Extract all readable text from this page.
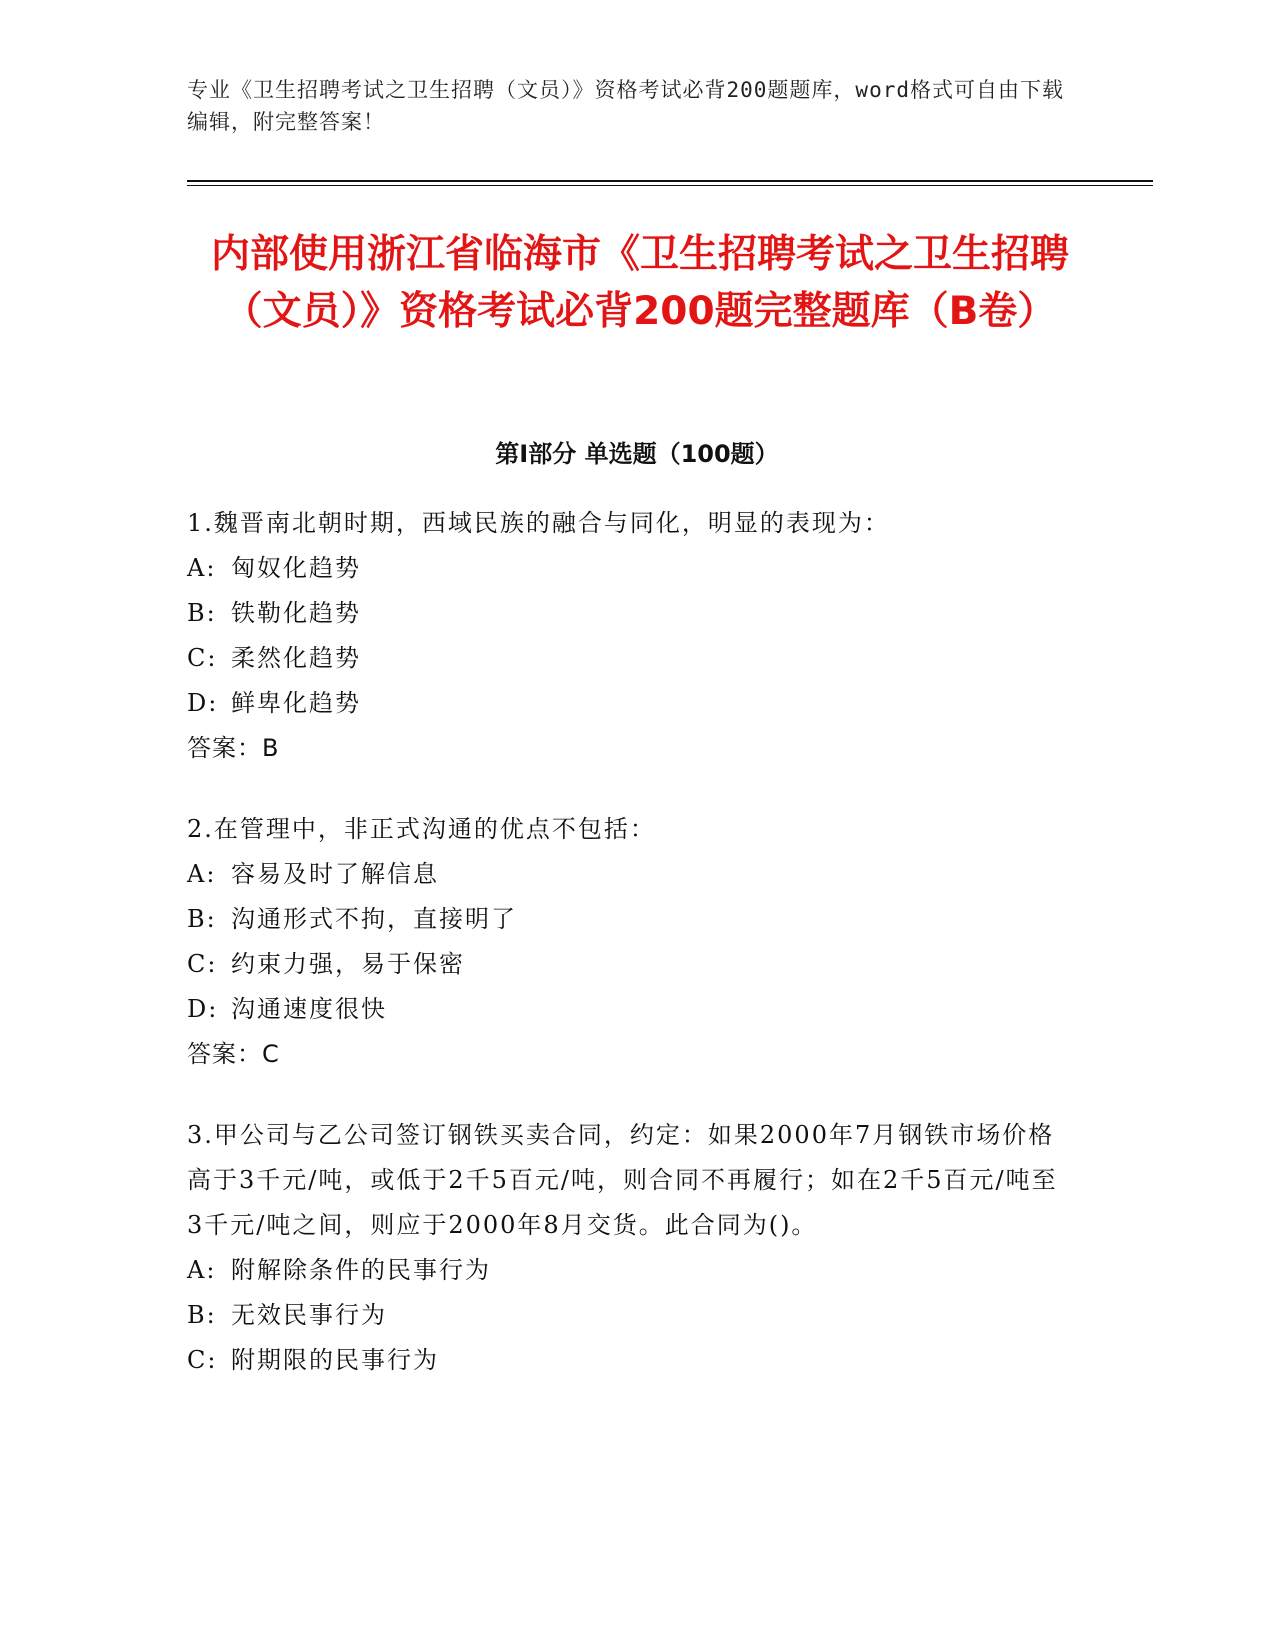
专业《卫生招聘考试之卫生招聘（文员）》资格考试必背200题题库，word格式可自由下载编辑，附完整答案！
内部使用浙江省临海市《卫生招聘考试之卫生招聘（文员）》资格考试必背200题完整题库（B卷）
第Ⅰ部分 单选题（100题）
1.魏晋南北朝时期，西域民族的融合与同化，明显的表现为：
A: 匈奴化趋势
B: 铁勒化趋势
C: 柔然化趋势
D: 鲜卑化趋势
答案：B
2.在管理中，非正式沟通的优点不包括：
A: 容易及时了解信息
B: 沟通形式不拘，直接明了
C: 约束力强，易于保密
D: 沟通速度很快
答案：C
3.甲公司与乙公司签订钢铁买卖合同，约定：如果2000年7月钢铁市场价格高于3千元/吨，或低于2千5百元/吨，则合同不再履行；如在2千5百元/吨至3千元/吨之间，则应于2000年8月交货。此合同为()。
A: 附解除条件的民事行为
B: 无效民事行为
C: 附期限的民事行为
